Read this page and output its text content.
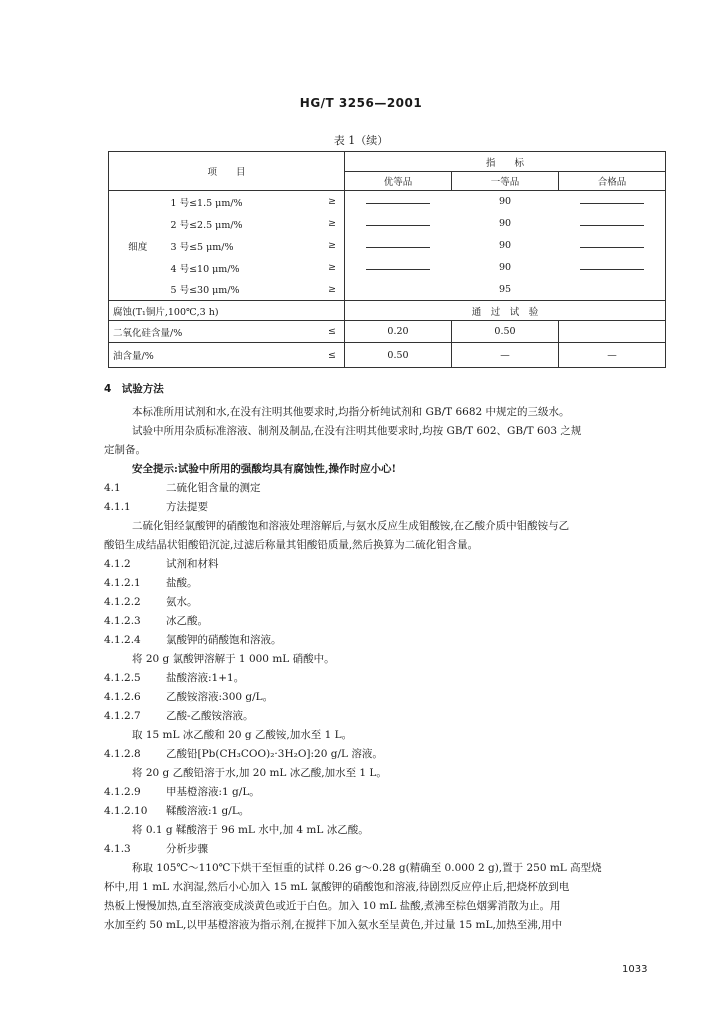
HG/T 3256—2001
表 1（续）
项　　目			指　　标		
			优等品	一等品	合格品
细度	1 号≤1.5 μm/%	≥		90	
	2 号≤2.5 μm/%	≥		90	
	3 号≤5 μm/%	≥		90	
	4 号≤10 μm/%	≥		90	
	5 号≤30 μm/%	≥		95	
腐蚀(T₁铜片,100℃,3 h)			通　过　试　验		
二氧化硅含量/%		≤	0.20	0.50	
油含量/%		≤	0.50	—	—

4　试验方法

本标准所用试剂和水,在没有注明其他要求时,均指分析纯试剂和 GB/T 6682 中规定的三级水。

试验中所用杂质标准溶液、制剂及制品,在没有注明其他要求时,均按 GB/T 602、GB/T 603 之规

定制备。

安全提示:试验中所用的强酸均具有腐蚀性,操作时应小心!

4.1	二硫化钼含量的测定

4.1.1	方法提要

二硫化钼经氯酸钾的硝酸饱和溶液处理溶解后,与氨水反应生成钼酸铵,在乙酸介质中钼酸铵与乙

酸铅生成结晶状钼酸铅沉淀,过滤后称量其钼酸铅质量,然后换算为二硫化钼含量。

4.1.2	试剂和材料

4.1.2.1 盐酸。

4.1.2.2 氨水。

4.1.2.3 冰乙酸。

4.1.2.4 氯酸钾的硝酸饱和溶液。

将 20 g 氯酸钾溶解于 1 000 mL 硝酸中。

4.1.2.5 盐酸溶液:1+1。

4.1.2.6 乙酸铵溶液:300 g/L。

4.1.2.7 乙酸-乙酸铵溶液。

取 15 mL 冰乙酸和 20 g 乙酸铵,加水至 1 L。

4.1.2.8 乙酸铅[Pb(CH₃COO)₂·3H₂O]:20 g/L 溶液。

将 20 g 乙酸铅溶于水,加 20 mL 冰乙酸,加水至 1 L。

4.1.2.9 甲基橙溶液:1 g/L。

4.1.2.10 鞣酸溶液:1 g/L。

将 0.1 g 鞣酸溶于 96 mL 水中,加 4 mL 冰乙酸。

4.1.3	分析步骤

称取 105℃～110℃下烘干至恒重的试样 0.26 g～0.28 g(精确至 0.000 2 g),置于 250 mL 高型烧

杯中,用 1 mL 水润湿,然后小心加入 15 mL 氯酸钾的硝酸饱和溶液,待剧烈反应停止后,把烧杯放到电

热板上慢慢加热,直至溶液变成淡黄色或近于白色。加入 10 mL 盐酸,煮沸至棕色烟雾消散为止。用

水加至约 50 mL,以甲基橙溶液为指示剂,在搅拌下加入氨水至呈黄色,并过量 15 mL,加热至沸,用中

1033
